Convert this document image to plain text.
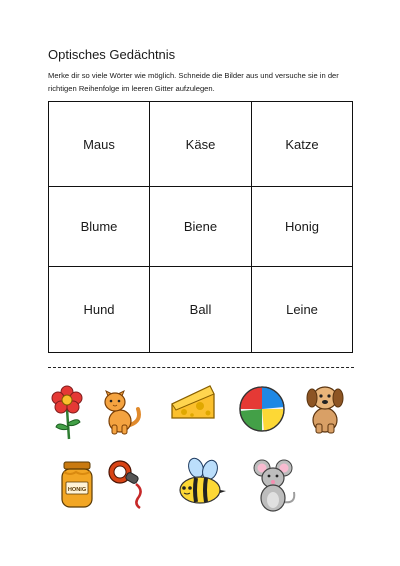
Optisches Gedächtnis
Merke dir so viele Wörter wie möglich. Schneide die Bilder aus und versuche sie in der richtigen Reihenfolge im leeren Gitter aufzulegen.
Maus	Käse	Katze
Blume	Biene	Honig
Hund	Ball	Leine
HONIG
